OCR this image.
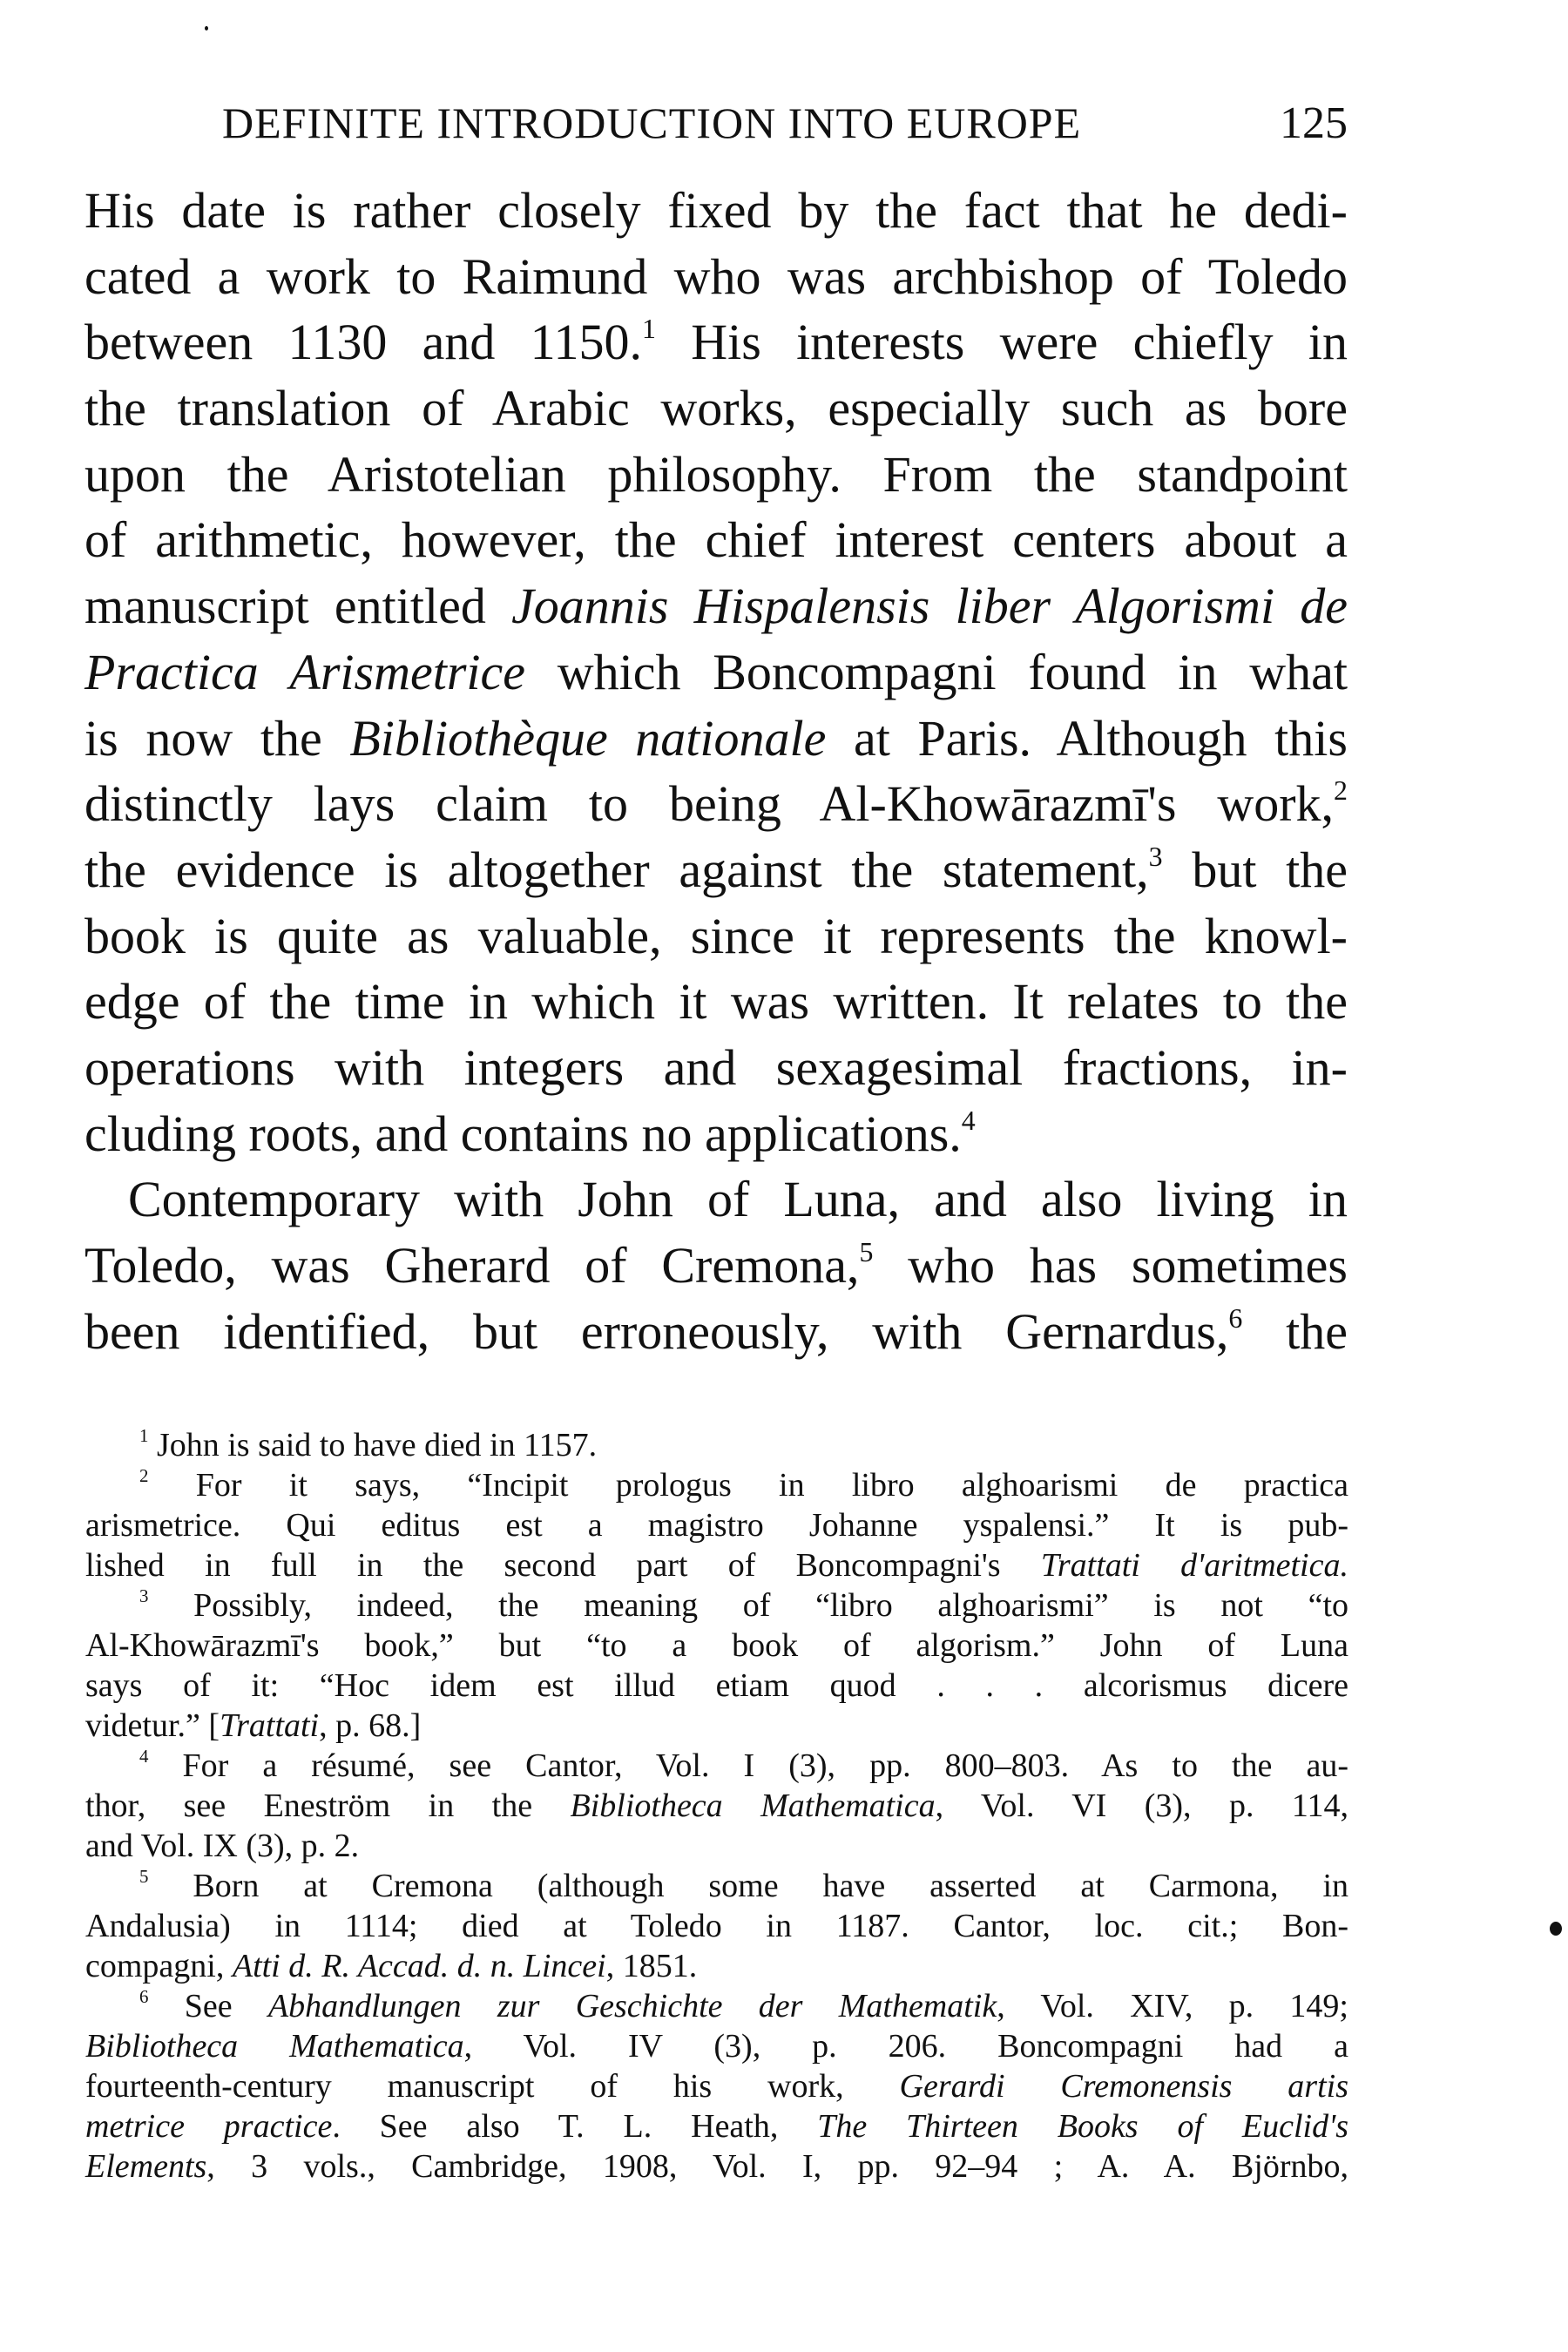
DEFINITE INTRODUCTION INTO EUROPE	125
His date is rather closely fixed by the fact that he dedi-
cated a work to Raimund who was archbishop of Toledo
between 1130 and 1150.$^1$ His interests were chiefly in
the translation of Arabic works, especially such as bore
upon the Aristotelian philosophy. From the standpoint
of arithmetic, however, the chief interest centers about a
manuscript entitled Joannis Hispalensis liber Algorismi de
Practica Arismetrice which Boncompagni found in what
is now the Bibliothèque nationale at Paris. Although this
distinctly lays claim to being Al-Khowārazmī's work,$^2$
the evidence is altogether against the statement,$^3$ but the
book is quite as valuable, since it represents the knowl-
edge of the time in which it was written. It relates to the
operations with integers and sexagesimal fractions, in-
cluding roots, and contains no applications.$^4$
Contemporary with John of Luna, and also living in
Toledo, was Gherard of Cremona,$^5$ who has sometimes
been identified, but erroneously, with Gernardus,$^6$ the
$^1$ John is said to have died in 1157.
$^2$ For it says, “Incipit prologus in libro alghoarismi de practica
arismetrice. Qui editus est a magistro Johanne yspalensi.” It is pub-
lished in full in the second part of Boncompagni's Trattati d'aritmetica.
$^3$ Possibly, indeed, the meaning of “libro alghoarismi” is not “to
Al-Khowārazmī's book,” but “to a book of algorism.” John of Luna
says of it: “Hoc idem est illud etiam quod . . . alcorismus dicere
videtur.” [Trattati, p. 68.]
$^4$ For a résumé, see Cantor, Vol. I (3), pp. 800–803. As to the au-
thor, see Eneström in the Bibliotheca Mathematica, Vol. VI (3), p. 114,
and Vol. IX (3), p. 2.
$^5$ Born at Cremona (although some have asserted at Carmona, in
Andalusia) in 1114; died at Toledo in 1187. Cantor, loc. cit.; Bon-
compagni, Atti d. R. Accad. d. n. Lincei, 1851.
$^6$ See Abhandlungen zur Geschichte der Mathematik, Vol. XIV, p. 149;
Bibliotheca Mathematica, Vol. IV (3), p. 206. Boncompagni had a
fourteenth-century manuscript of his work, Gerardi Cremonensis artis
metrice practice. See also T. L. Heath, The Thirteen Books of Euclid's
Elements, 3 vols., Cambridge, 1908, Vol. I, pp. 92–94 ; A. A. Björnbo,
